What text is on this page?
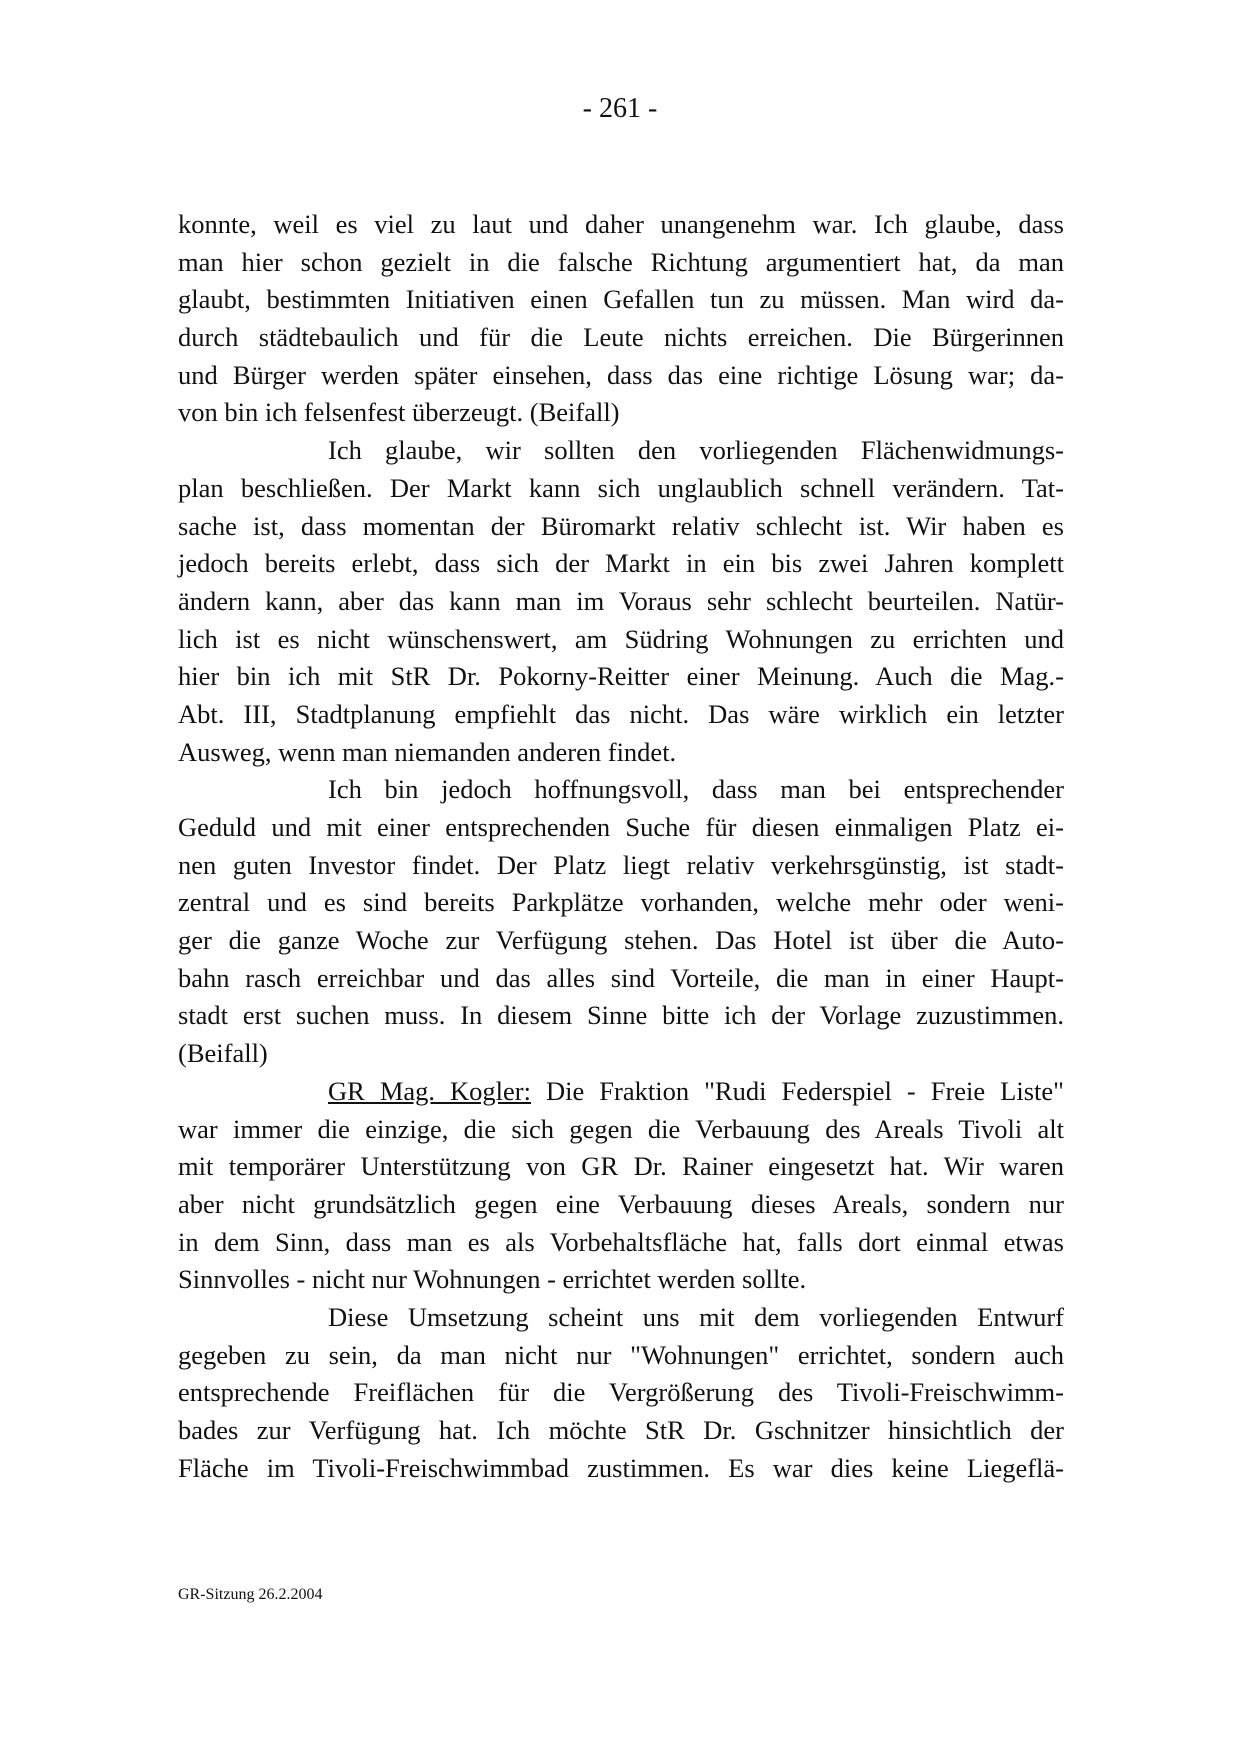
- 261 -
konnte, weil es viel zu laut und daher unangenehm war. Ich glaube, dass
man hier schon gezielt in die falsche Richtung argumentiert hat, da man
glaubt, bestimmten Initiativen einen Gefallen tun zu müssen. Man wird da-
durch städtebaulich und für die Leute nichts erreichen. Die Bürgerinnen
und Bürger werden später einsehen, dass das eine richtige Lösung war; da-
von bin ich felsenfest überzeugt. (Beifall)
Ich glaube, wir sollten den vorliegenden Flächenwidmungs-
plan beschließen. Der Markt kann sich unglaublich schnell verändern. Tat-
sache ist, dass momentan der Büromarkt relativ schlecht ist. Wir haben es
jedoch bereits erlebt, dass sich der Markt in ein bis zwei Jahren komplett
ändern kann, aber das kann man im Voraus sehr schlecht beurteilen. Natür-
lich ist es nicht wünschenswert, am Südring Wohnungen zu errichten und
hier bin ich mit StR Dr. Pokorny-Reitter einer Meinung. Auch die Mag.-
Abt. III, Stadtplanung empfiehlt das nicht. Das wäre wirklich ein letzter
Ausweg, wenn man niemanden anderen findet.
Ich bin jedoch hoffnungsvoll, dass man bei entsprechender
Geduld und mit einer entsprechenden Suche für diesen einmaligen Platz ei-
nen guten Investor findet. Der Platz liegt relativ verkehrsgünstig, ist stadt-
zentral und es sind bereits Parkplätze vorhanden, welche mehr oder weni-
ger die ganze Woche zur Verfügung stehen. Das Hotel ist über die Auto-
bahn rasch erreichbar und das alles sind Vorteile, die man in einer Haupt-
stadt erst suchen muss. In diesem Sinne bitte ich der Vorlage zuzustimmen.
(Beifall)
GR Mag. Kogler: Die Fraktion "Rudi Federspiel - Freie Liste"
war immer die einzige, die sich gegen die Verbauung des Areals Tivoli alt
mit temporärer Unterstützung von GR Dr. Rainer eingesetzt hat. Wir waren
aber nicht grundsätzlich gegen eine Verbauung dieses Areals, sondern nur
in dem Sinn, dass man es als Vorbehaltsfläche hat, falls dort einmal etwas
Sinnvolles - nicht nur Wohnungen - errichtet werden sollte.
Diese Umsetzung scheint uns mit dem vorliegenden Entwurf
gegeben zu sein, da man nicht nur "Wohnungen" errichtet, sondern auch
entsprechende Freiflächen für die Vergrößerung des Tivoli-Freischwimm-
bades zur Verfügung hat. Ich möchte StR Dr. Gschnitzer hinsichtlich der
Fläche im Tivoli-Freischwimmbad zustimmen. Es war dies keine Liegeflä-
GR-Sitzung 26.2.2004
